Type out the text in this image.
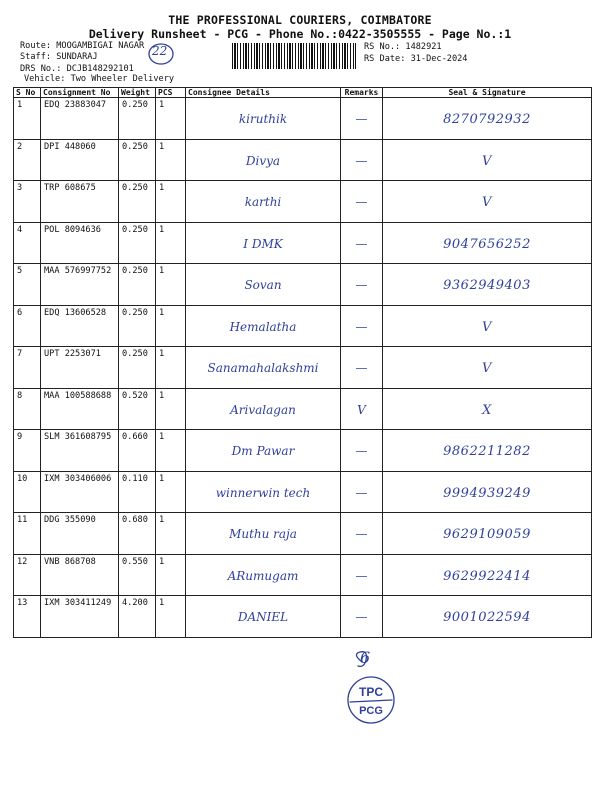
THE PROFESSIONAL COURIERS, COIMBATORE
Delivery Runsheet - PCG - Phone No.:0422-3505555 - Page No.:1
Route: MOOGAMBIGAI NAGAR
Staff: SUNDARAJ
DRS No.: DCJB148292101
Vehicle: Two Wheeler Delivery
RS No.: 1482921
RS Date: 31-Dec-2024
22
S No	Consignment No	Weight	PCS	Consignee Details	Remarks	Seal & Signature
1	EDQ 23883047	0.250	1	kiruthik	—	8270792932

2	DPI 448060	0.250	1	Divya	—	V

3	TRP 608675	0.250	1	karthi	—	V

4	POL 8094636	0.250	1	I DMK	—	9047656252

5	MAA 576997752	0.250	1	Sovan	—	9362949403

6	EDQ 13606528	0.250	1	Hemalatha	—	V

7	UPT 2253071	0.250	1	Sanamahalakshmi	—	V

8	MAA 100588688	0.520	1	Arivalagan	V	X

9	SLM 361608795	0.660	1	Dm Pawar	—	9862211282

10	IXM 303406006	0.110	1	winnerwin tech	—	9994939249

11	DDG 355090	0.680	1	Muthu raja	—	9629109059

12	VNB 868708	0.550	1	ARumugam	—	9629922414

13	IXM 303411249	4.200	1	DANIEL	—	9001022594
TPC
PCG
6
